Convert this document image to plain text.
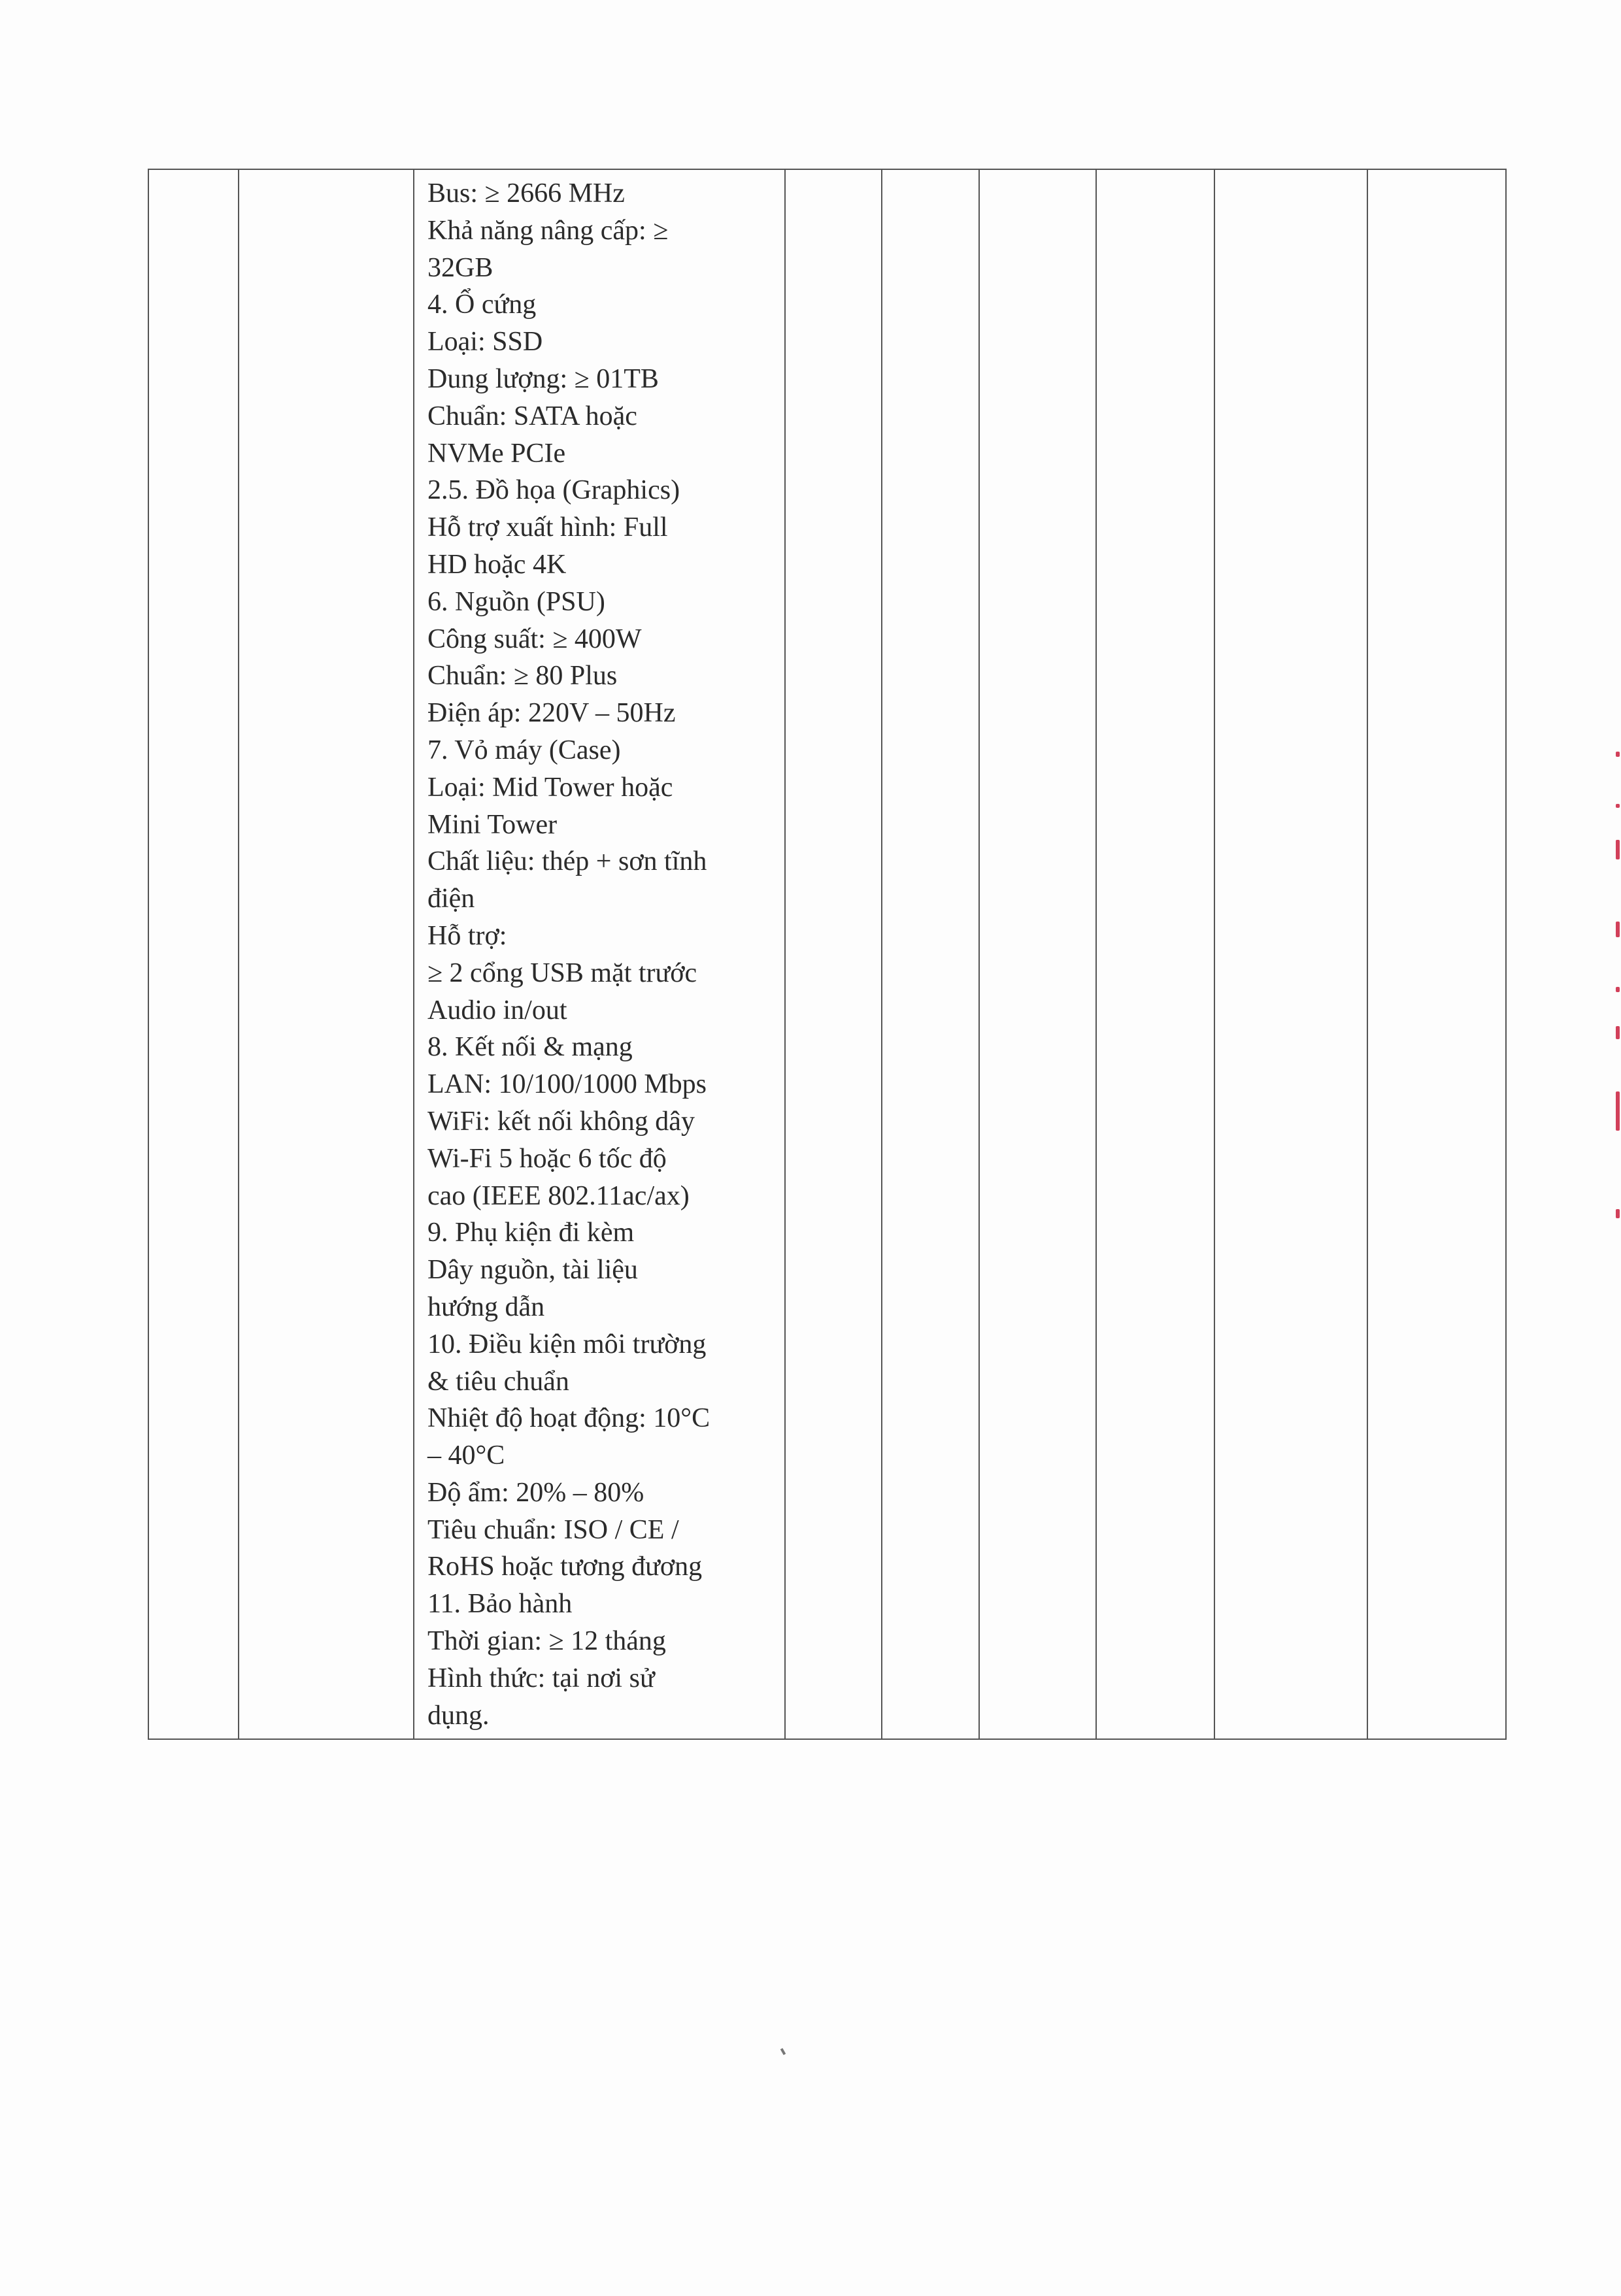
Bus: ≥ 2666 MHz
Khả năng nâng cấp: ≥
32GB
4. Ổ cứng
Loại: SSD
Dung lượng: ≥ 01TB
Chuẩn: SATA hoặc
NVMe PCIe
2.5. Đồ họa (Graphics)
Hỗ trợ xuất hình: Full
HD hoặc 4K
6. Nguồn (PSU)
Công suất: ≥ 400W
Chuẩn: ≥ 80 Plus
Điện áp: 220V – 50Hz
7. Vỏ máy (Case)
Loại: Mid Tower hoặc
Mini Tower
Chất liệu: thép + sơn tĩnh
điện
Hỗ trợ:
≥ 2 cổng USB mặt trước
Audio in/out
8. Kết nối & mạng
LAN: 10/100/1000 Mbps
WiFi: kết nối không dây
Wi-Fi 5 hoặc 6 tốc độ
cao (IEEE 802.11ac/ax)
9. Phụ kiện đi kèm
Dây nguồn, tài liệu
hướng dẫn
10. Điều kiện môi trường
& tiêu chuẩn
Nhiệt độ hoạt động: 10°C
– 40°C
Độ ẩm: 20% – 80%
Tiêu chuẩn: ISO / CE /
RoHS hoặc tương đương
11. Bảo hành
Thời gian: ≥ 12 tháng
Hình thức: tại nơi sử
dụng.
